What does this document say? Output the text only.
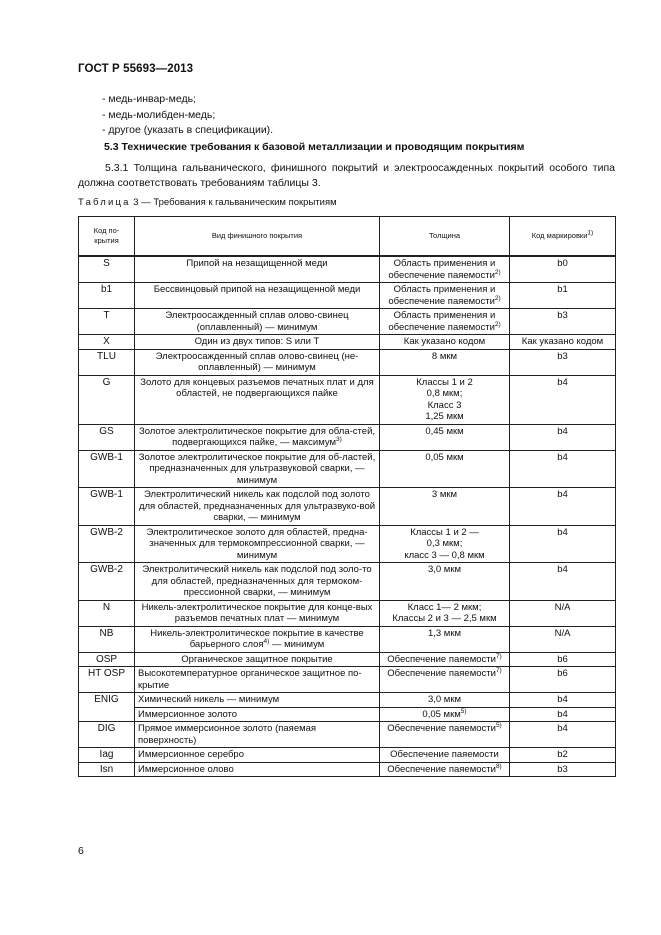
ГОСТ Р 55693—2013
- медь-инвар-медь;
- медь-молибден-медь;
- другое (указать в спецификации).
5.3 Технические требования к базовой металлизации и проводящим покрытиям
5.3.1 Толщина гальванического, финишного покрытий и электроосажденных покрытий особого типа должна соответствовать требованиям таблицы 3.
Таблица 3 — Требования к гальваническим покрытиям
Код по-крытия	Вид финишного покрытия	Толщина	Код маркировки$^{1)}$
S	Припой на незащищенной меди	Область применения и обеспечение паяемости$^{2)}$	b0
b1	Бессвинцовый припой на незащищенной меди	Область применения и обеспечение паяемости$^{2)}$	b1
T	Электроосажденный сплав олово-свинец (оплавленный) — минимум	Область применения и обеспечение паяемости$^{2)}$	b3
X	Один из двух типов: S или T	Как указано кодом	Как указано кодом
TLU	Электроосажденный сплав олово-свинец (не-оплавленный) — минимум	8 мкм	b3
G	Золото для концевых разъемов печатных плат и для областей, не подвергающихся пайке	Классы 1 и 2
0,8 мкм;
Класс 3
1,25 мкм	b4
GS	Золотое электролитическое покрытие для обла-стей, подвергающихся пайке, — максимум$^{3)}$	0,45 мкм	b4
GWB-1	Золотое электролитическое покрытие для об-ластей, предназначенных для ультразвуковой сварки, — минимум	0,05 мкм	b4
GWB-1	Электролитический никель как подслой под золото для областей, предназначенных для ультразвуко-вой сварки, — минимум	3 мкм	b4
GWB-2	Электролитическое золото для областей, предна-значенных для термокомпрессионной сварки, — минимум	Классы 1 и 2 —
0,3 мкм;
класс 3 — 0,8 мкм	b4
GWB-2	Электролитический никель как подслой под золо-то для областей, предназначенных для термоком-прессионной сварки, — минимум	3,0 мкм	b4
N	Никель-электролитическое покрытие для конце-вых разъемов печатных плат — минимум	Класс 1— 2 мкм;
Классы 2 и 3 — 2,5 мкм	N/A
NB	Никель-электролитическое покрытие в качестве барьерного слоя$^{4)}$ — минимум	1,3 мкм	N/A
OSP	Органическое защитное покрытие	Обеспечение паяемости$^{7)}$	b6
HT OSP	Высокотемпературное органическое защитное по-крытие	Обеспечение паяемости$^{7)}$	b6
ENIG	Химический никель — минимум	3,0 мкм	b4
	Иммерсионное золото	0,05 мкм$^{5)}$	b4
DIG	Прямое иммерсионное золото (паяемая поверхность)	Обеспечение паяемости$^{5)}$	b4
Iag	Иммерсионное серебро	Обеспечение паяемости	b2
Isn	Иммерсионное олово	Обеспечение паяемости$^{8)}$	b3
6
